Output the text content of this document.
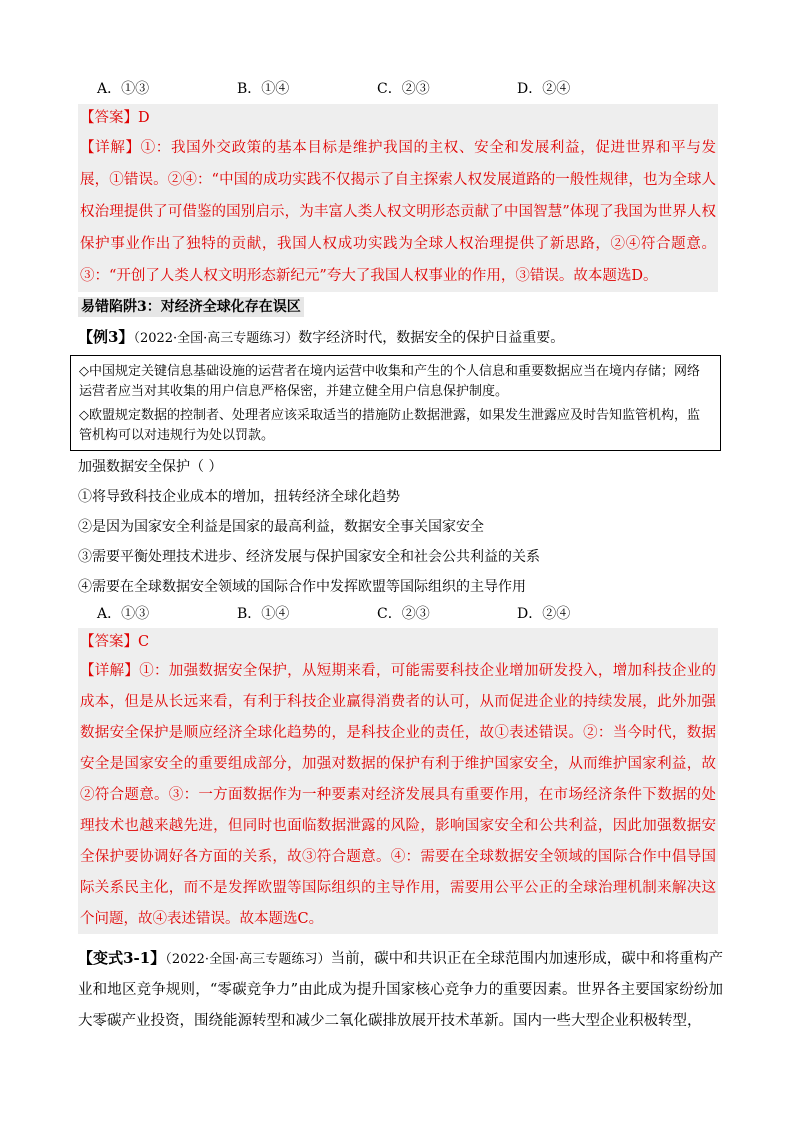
A．①③	B．①④	C．②③	D．②④
【答案】D
【详解】①：我国外交政策的基本目标是维护我国的主权、安全和发展利益，促进世界和平与发展，①错误。②④：“中国的成功实践不仅揭示了自主探索人权发展道路的一般性规律，也为全球人权治理提供了可借鉴的国别启示，为丰富人类人权文明形态贡献了中国智慧”体现了我国为世界人权保护事业作出了独特的贡献，我国人权成功实践为全球人权治理提供了新思路，②④符合题意。③：“开创了人类人权文明形态新纪元”夸大了我国人权事业的作用，③错误。故本题选D。
易错陷阱3：对经济全球化存在误区
【例3】（2022·全国·高三专题练习）数字经济时代，数据安全的保护日益重要。

◇中国规定关键信息基础设施的运营者在境内运营中收集和产生的个人信息和重要数据应当在境内存储；网络运营者应当对其收集的用户信息严格保密，并建立健全用户信息保护制度。

◇欧盟规定数据的控制者、处理者应该采取适当的措施防止数据泄露，如果发生泄露应及时告知监管机构，监管机构可以对违规行为处以罚款。

加强数据安全保护（ ）
①将导致科技企业成本的增加，扭转经济全球化趋势
②是因为国家安全利益是国家的最高利益，数据安全事关国家安全
③需要平衡处理技术进步、经济发展与保护国家安全和社会公共利益的关系
④需要在全球数据安全领域的国际合作中发挥欧盟等国际组织的主导作用
A．①③	B．①④	C．②③	D．②④
【答案】C
【详解】①：加强数据安全保护，从短期来看，可能需要科技企业增加研发投入，增加科技企业的成本，但是从长远来看，有利于科技企业赢得消费者的认可，从而促进企业的持续发展，此外加强数据安全保护是顺应经济全球化趋势的，是科技企业的责任，故①表述错误。②：当今时代，数据安全是国家安全的重要组成部分，加强对数据的保护有利于维护国家安全，从而维护国家利益，故②符合题意。③：一方面数据作为一种要素对经济发展具有重要作用，在市场经济条件下数据的处理技术也越来越先进，但同时也面临数据泄露的风险，影响国家安全和公共利益，因此加强数据安全保护要协调好各方面的关系，故③符合题意。④：需要在全球数据安全领域的国际合作中倡导国际关系民主化，而不是发挥欧盟等国际组织的主导作用，需要用公平公正的全球治理机制来解决这个问题，故④表述错误。故本题选C。
【变式3-1】（2022·全国·高三专题练习）当前，碳中和共识正在全球范围内加速形成，碳中和将重构产业和地区竞争规则，“零碳竞争力”由此成为提升国家核心竞争力的重要因素。世界各主要国家纷纷加大零碳产业投资，围绕能源转型和减少二氧化碳排放展开技术革新。国内一些大型企业积极转型，
